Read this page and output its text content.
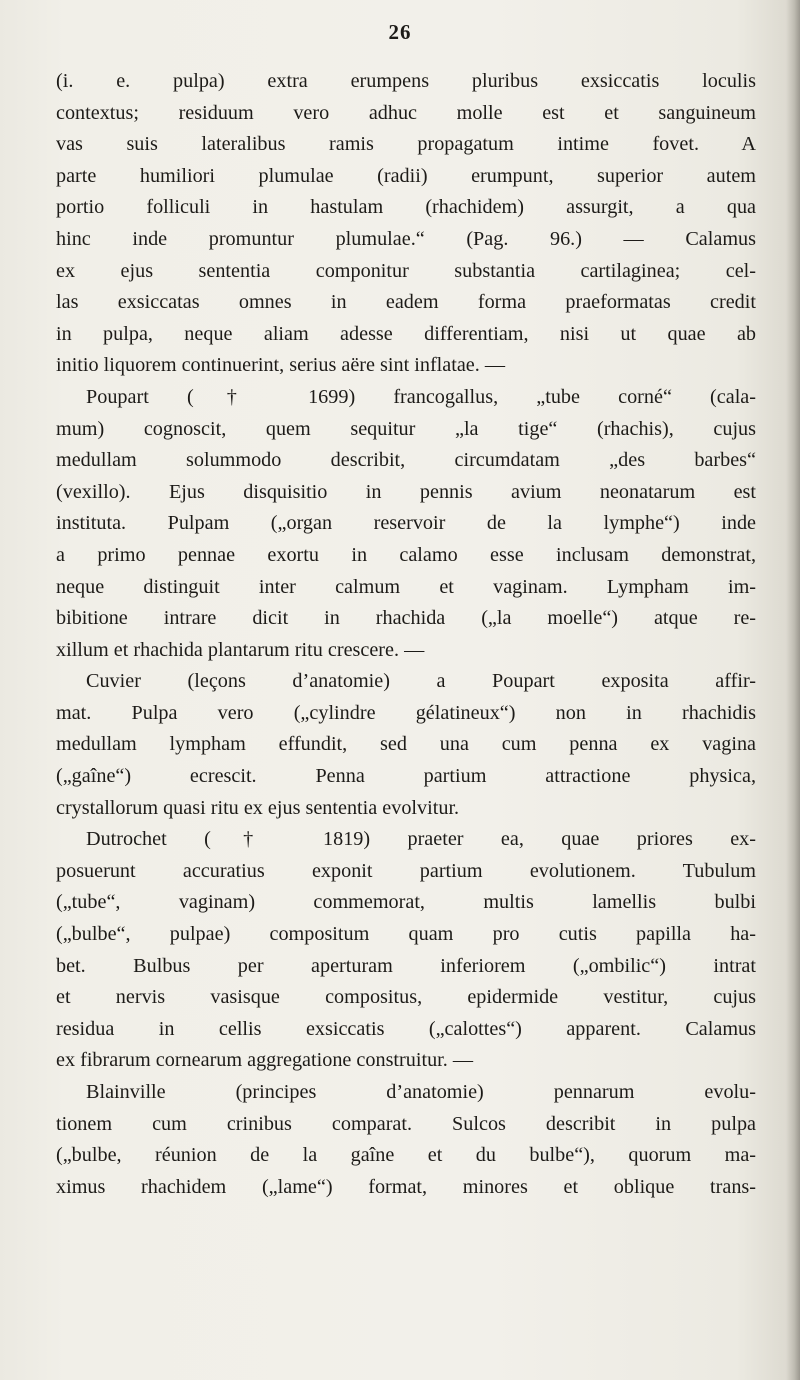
26
(i. e. pulpa) extra erumpens pluribus exsiccatis loculis
contextus; residuum vero adhuc molle est et sanguineum
vas suis lateralibus ramis propagatum intime fovet. A
parte humiliori plumulae (radii) erumpunt, superior autem
portio folliculi in hastulam (rhachidem) assurgit, a qua
hinc inde promuntur plumulae.“ (Pag. 96.) — Calamus
ex ejus sententia componitur substantia cartilaginea; cel-
las exsiccatas omnes in eadem forma praeformatas credit
in pulpa, neque aliam adesse differentiam, nisi ut quae ab
initio liquorem continuerint, serius aëre sint inflatae. —
Poupart († 1699) francogallus, „tube corné“ (cala-
mum) cognoscit, quem sequitur „la tige“ (rhachis), cujus
medullam solummodo describit, circumdatam „des barbes“
(vexillo). Ejus disquisitio in pennis avium neonatarum est
instituta. Pulpam („organ reservoir de la lymphe“) inde
a primo pennae exortu in calamo esse inclusam demonstrat,
neque distinguit inter calmum et vaginam. Lympham im-
bibitione intrare dicit in rhachida („la moelle“) atque re-
xillum et rhachida plantarum ritu crescere. —
Cuvier (leçons d’anatomie) a Poupart exposita affir-
mat. Pulpa vero („cylindre gélatineux“) non in rhachidis
medullam lympham effundit, sed una cum penna ex vagina
(„gaîne“) ecrescit. Penna partium attractione physica,
crystallorum quasi ritu ex ejus sententia evolvitur.
Dutrochet († 1819) praeter ea, quae priores ex-
posuerunt accuratius exponit partium evolutionem. Tubulum
(„tube“, vaginam) commemorat, multis lamellis bulbi
(„bulbe“, pulpae) compositum quam pro cutis papilla ha-
bet. Bulbus per aperturam inferiorem („ombilic“) intrat
et nervis vasisque compositus, epidermide vestitur, cujus
residua in cellis exsiccatis („calottes“) apparent. Calamus
ex fibrarum cornearum aggregatione construitur. —
Blainville (principes d’anatomie) pennarum evolu-
tionem cum crinibus comparat. Sulcos describit in pulpa
(„bulbe, réunion de la gaîne et du bulbe“), quorum ma-
ximus rhachidem („lame“) format, minores et oblique trans-
